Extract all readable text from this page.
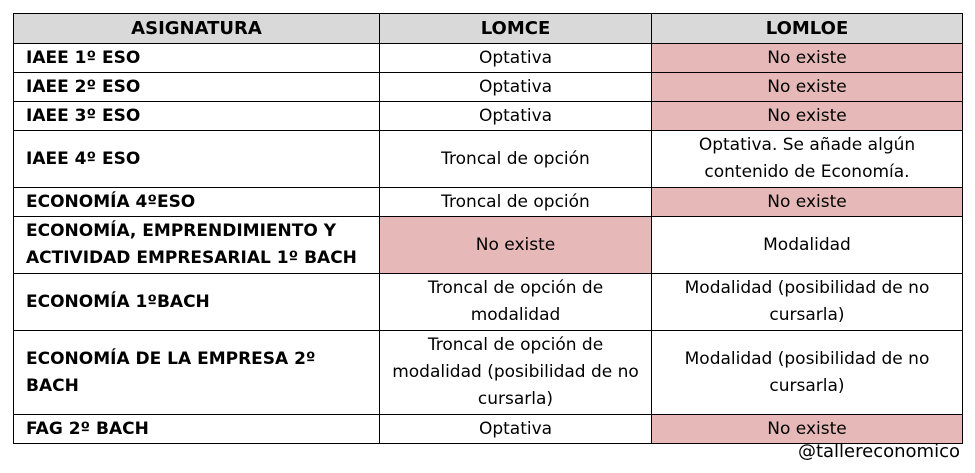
ASIGNATURA	LOMCE	LOMLOE
IAEE 1º ESO	Optativa	No existe
IAEE 2º ESO	Optativa	No existe
IAEE 3º ESO	Optativa	No existe
IAEE 4º ESO	Troncal de opción	Optativa. Se añade algún contenido de Economía.
ECONOMÍA 4ºESO	Troncal de opción	No existe
ECONOMÍA, EMPRENDIMIENTO Y ACTIVIDAD EMPRESARIAL 1º BACH	No existe	Modalidad
ECONOMÍA 1ºBACH	Troncal de opción de modalidad	Modalidad (posibilidad de no cursarla)
ECONOMÍA DE LA EMPRESA 2º BACH	Troncal de opción de modalidad (posibilidad de no cursarla)	Modalidad (posibilidad de no cursarla)
FAG 2º BACH	Optativa	No existe
@tallereconomico
